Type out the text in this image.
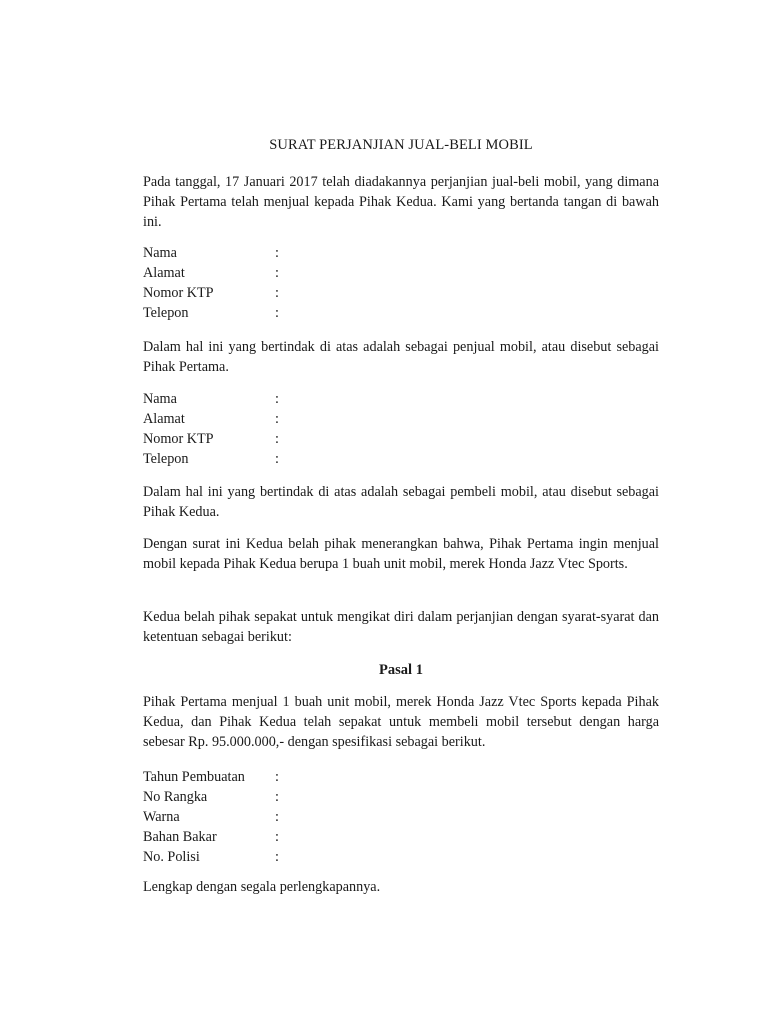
SURAT PERJANJIAN JUAL-BELI MOBIL

Pada tanggal, 17 Januari 2017 telah diadakannya perjanjian jual-beli mobil, yang dimana Pihak Pertama telah menjual kepada Pihak Kedua. Kami yang bertanda tangan di bawah ini.

Nama	:
Alamat	:
Nomor KTP	:
Telepon	:

Dalam hal ini yang bertindak di atas adalah sebagai penjual mobil, atau disebut sebagai Pihak Pertama.

Nama	:
Alamat	:
Nomor KTP	:
Telepon	:

Dalam hal ini yang bertindak di atas adalah sebagai pembeli mobil, atau disebut sebagai Pihak Kedua.

Dengan surat ini Kedua belah pihak menerangkan bahwa, Pihak Pertama ingin menjual mobil kepada Pihak Kedua berupa 1 buah unit mobil, merek Honda Jazz Vtec Sports.

Kedua belah pihak sepakat untuk mengikat diri dalam perjanjian dengan syarat-syarat dan ketentuan sebagai berikut:

Pasal 1

Pihak Pertama menjual 1 buah unit mobil, merek Honda Jazz Vtec Sports kepada Pihak Kedua, dan Pihak Kedua telah sepakat untuk membeli mobil tersebut dengan harga sebesar Rp. 95.000.000,- dengan spesifikasi sebagai berikut.

Tahun Pembuatan :
No Rangka	:
Warna	:
Bahan Bakar	:
No. Polisi	:

Lengkap dengan segala perlengkapannya.
